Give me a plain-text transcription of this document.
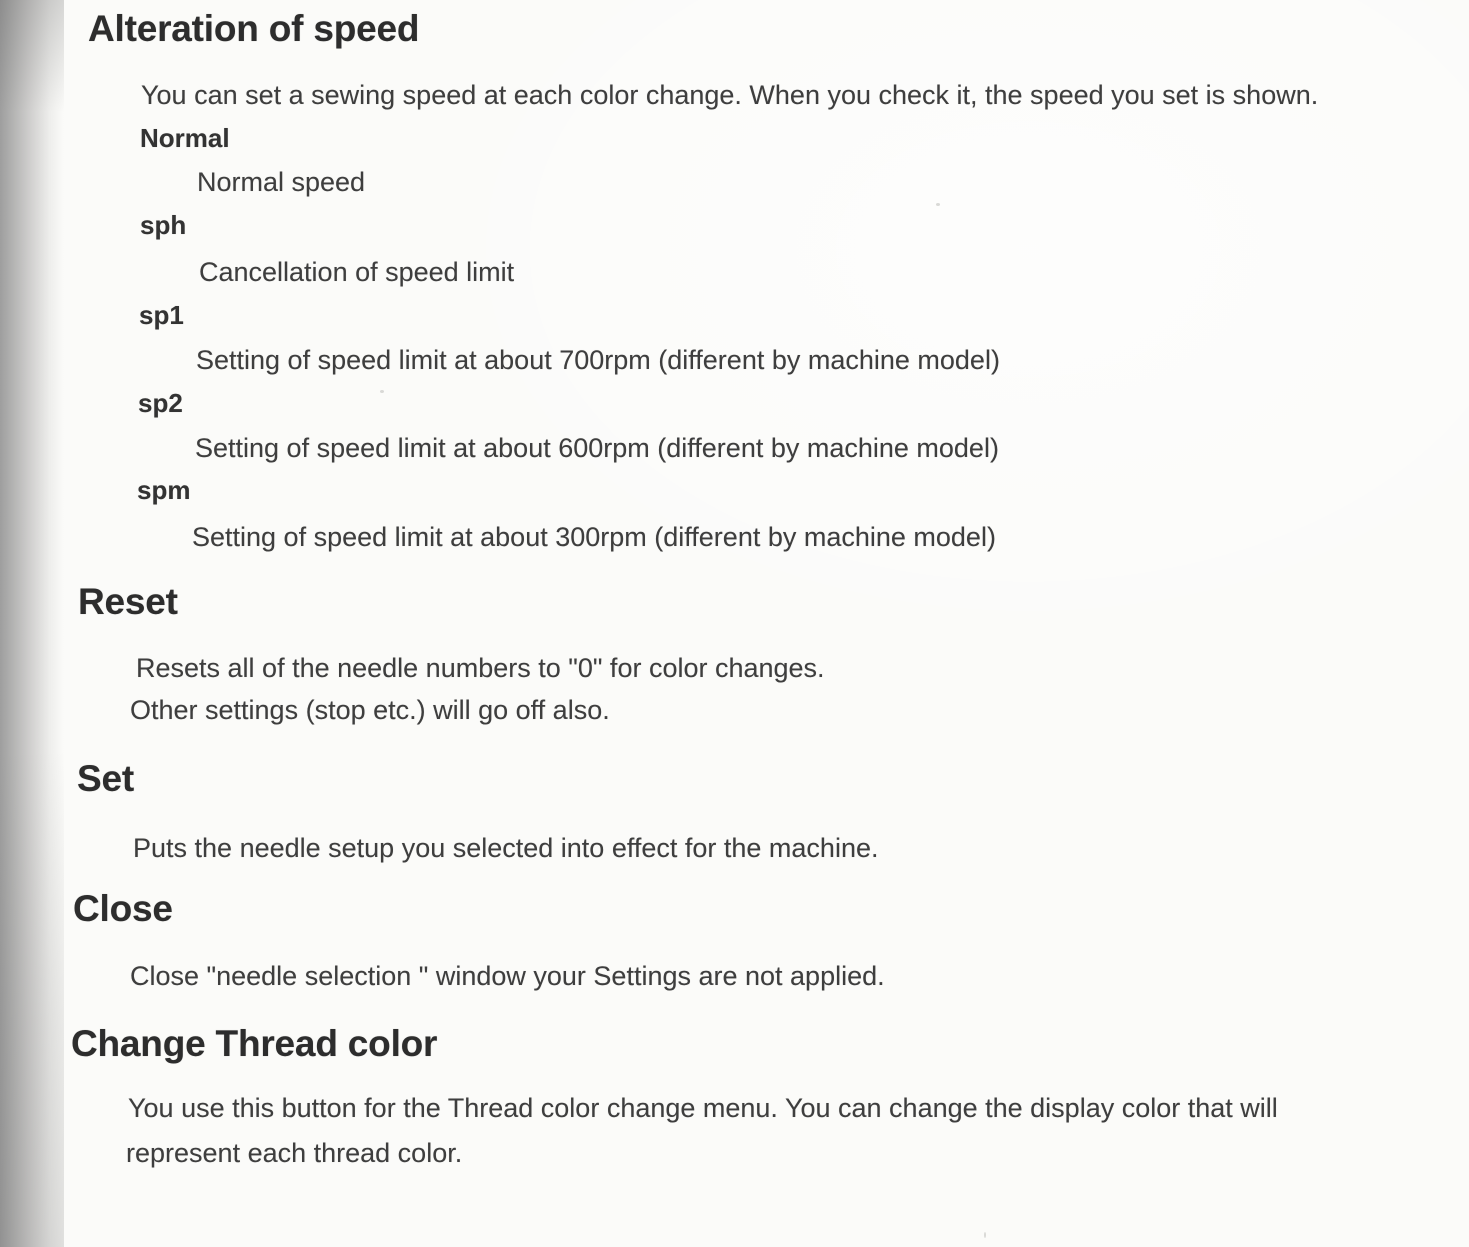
Alteration of speed
You can set a sewing speed at each color change. When you check it, the speed you set is shown.
Normal
Normal speed
sph
Cancellation of speed limit
sp1
Setting of speed limit at about 700rpm (different by machine model)
sp2
Setting of speed limit at about 600rpm (different by machine model)
spm
Setting of speed limit at about 300rpm (different by machine model)
Reset
Resets all of the needle numbers to "0" for color changes.
Other settings (stop etc.) will go off also.
Set
Puts the needle setup you selected into effect for the machine.
Close
Close "needle selection " window your Settings are not applied.
Change Thread color
You use this button for the Thread color change menu. You can change the display color that will
represent each thread color.
